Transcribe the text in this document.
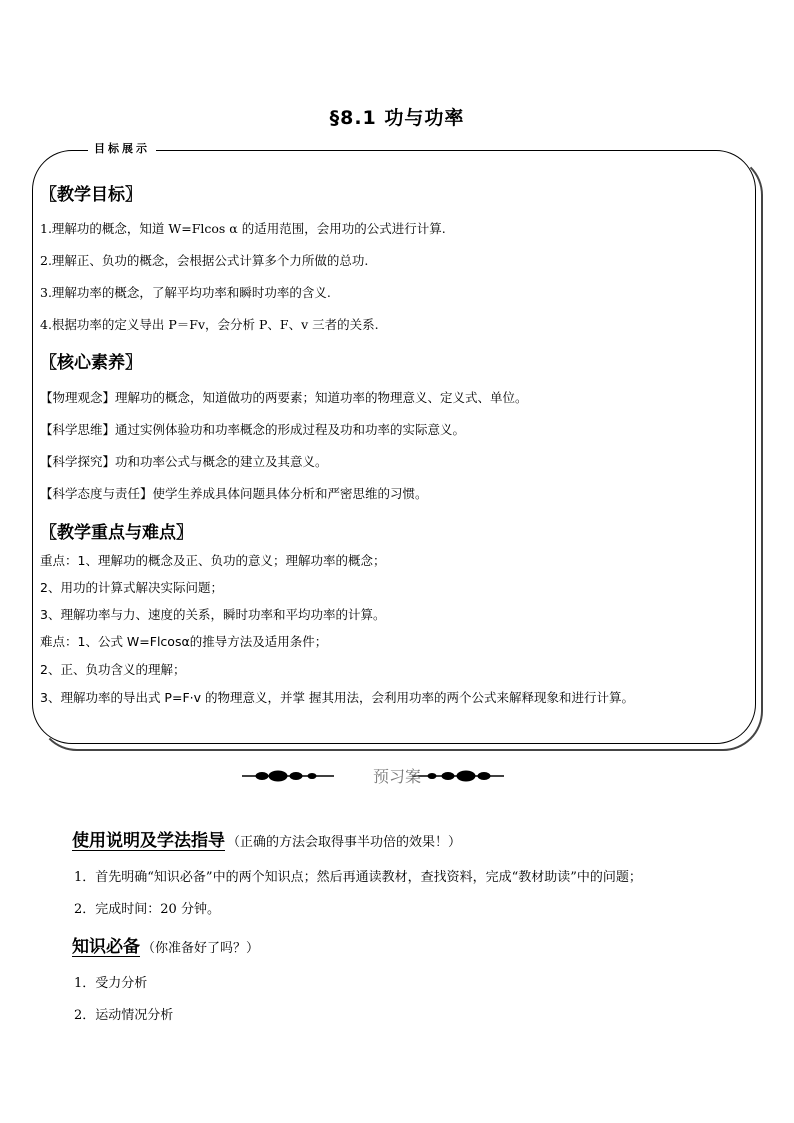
§8.1 功与功率
目标展示
〖教学目标〗
1.理解功的概念，知道 W=Flcos α 的适用范围，会用功的公式进行计算.
2.理解正、负功的概念，会根据公式计算多个力所做的总功.
3.理解功率的概念，了解平均功率和瞬时功率的含义.
4.根据功率的定义导出 P＝Fv，会分析 P、F、v 三者的关系.
〖核心素养〗
【物理观念】理解功的概念，知道做功的两要素；知道功率的物理意义、定义式、单位。
【科学思维】通过实例体验功和功率概念的形成过程及功和功率的实际意义。
【科学探究】功和功率公式与概念的建立及其意义。
【科学态度与责任】使学生养成具体问题具体分析和严密思维的习惯。
〖教学重点与难点〗
重点：1、理解功的概念及正、负功的意义；理解功率的概念；
2、用功的计算式解决实际问题；
3、理解功率与力、速度的关系，瞬时功率和平均功率的计算。
难点：1、公式 W=Flcosα的推导方法及适用条件；
2、正、负功含义的理解；
3、理解功率的导出式 P=F·v 的物理意义，并掌 握其用法，会利用功率的两个公式来解释现象和进行计算。
预习案
使用说明及学法指导 （正确的方法会取得事半功倍的效果！）
1．首先明确“知识必备”中的两个知识点；然后再通读教材，查找资料，完成“教材助读”中的问题；
2．完成时间：20 分钟。
知识必备 （你准备好了吗？）
1．受力分析
2．运动情况分析
